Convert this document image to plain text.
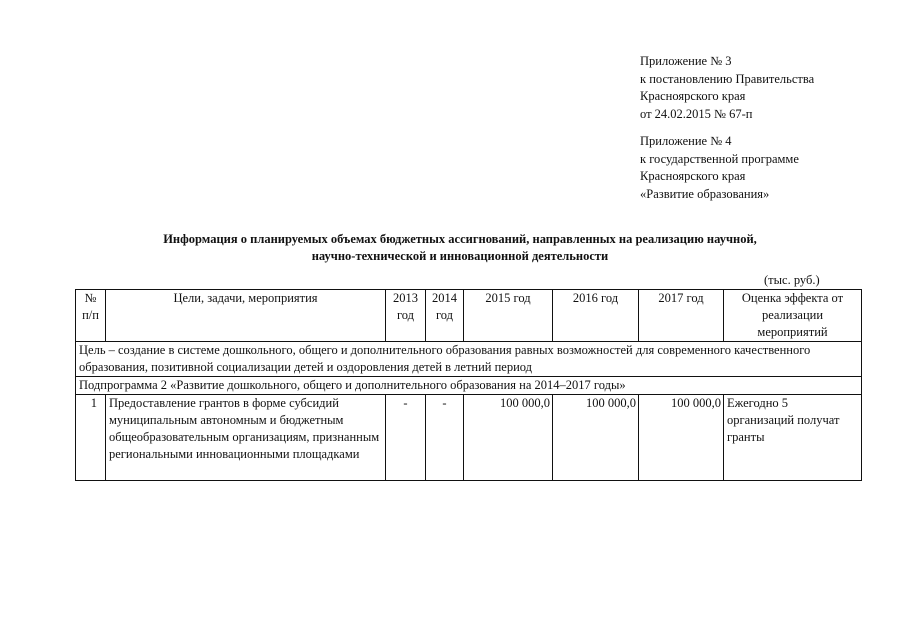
Приложение № 3
к постановлению Правительства
Красноярского края
от 24.02.2015 № 67-п
Приложение № 4
к государственной программе
Красноярского края
«Развитие образования»
Информация о планируемых объемах бюджетных ассигнований, направленных на реализацию научной,
научно-технической и инновационной деятельности
(тыс. руб.)
№ п/п	Цели, задачи, мероприятия	2013 год	2014 год	2015 год	2016 год	2017 год	Оценка эффекта от реализации мероприятий
Цель – создание в системе дошкольного, общего и дополнительного образования равных возможностей для современного качественного образования, позитивной социализации детей и оздоровления детей в летний период							
Подпрограмма 2 «Развитие дошкольного, общего и дополнительного образования на 2014–2017 годы»							
1	Предоставление грантов в форме субсидий муниципальным автономным и бюджетным общеобразовательным организациям, признанным региональными инновационными площадками	-	-	100 000,0	100 000,0	100 000,0	Ежегодно 5 организаций получат гранты
